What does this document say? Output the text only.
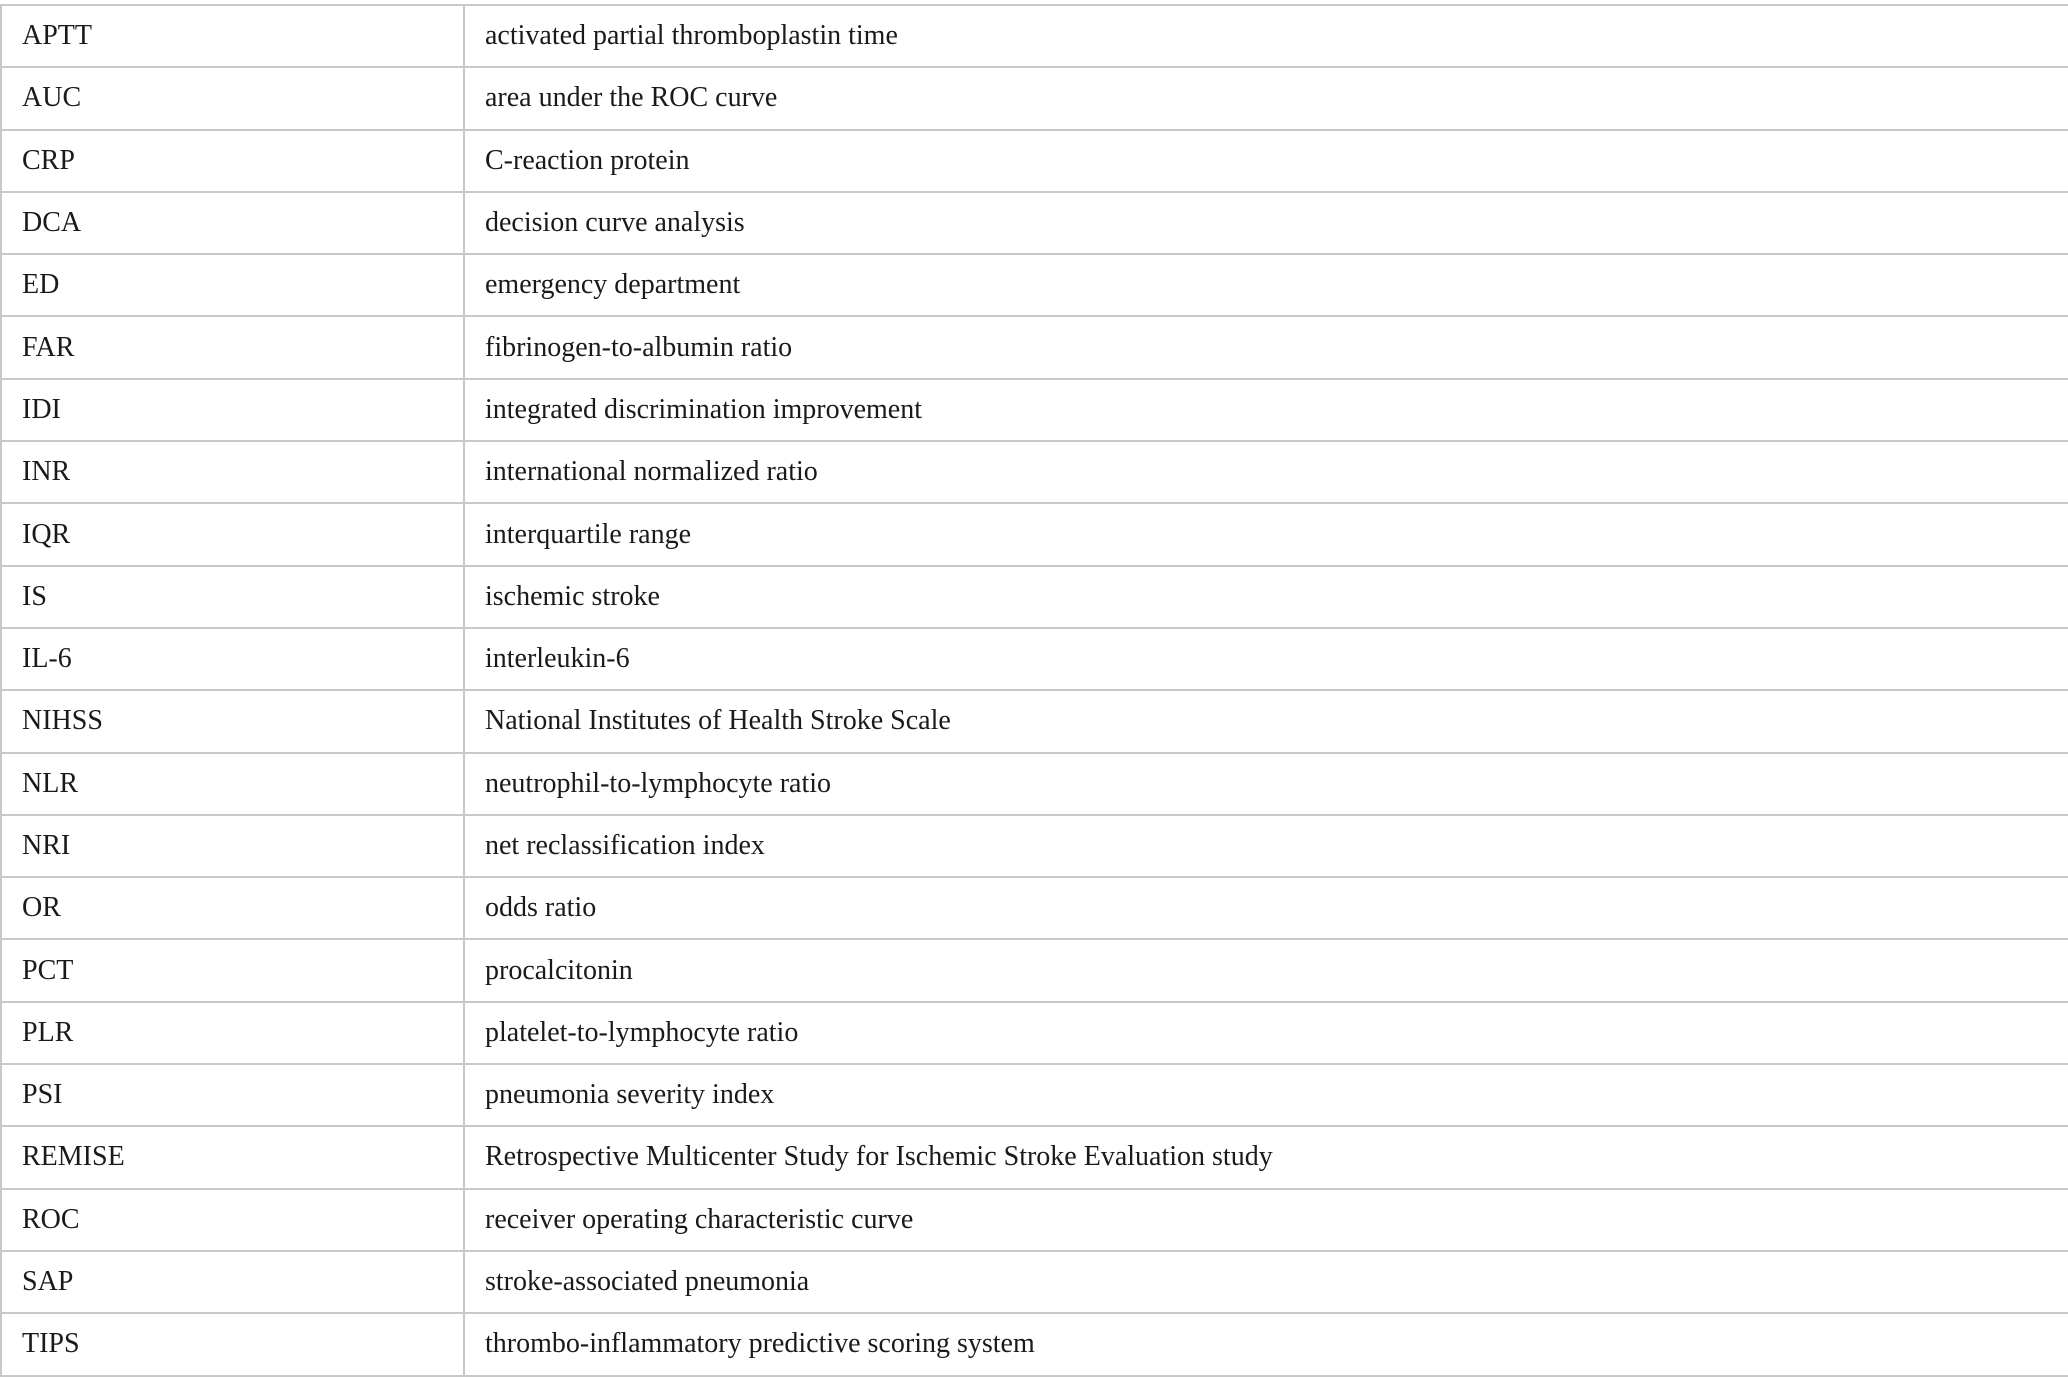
APTT	activated partial thromboplastin time
AUC	area under the ROC curve
CRP	C-reaction protein
DCA	decision curve analysis
ED	emergency department
FAR	fibrinogen-to-albumin ratio
IDI	integrated discrimination improvement
INR	international normalized ratio
IQR	interquartile range
IS	ischemic stroke
IL-6	interleukin-6
NIHSS	National Institutes of Health Stroke Scale
NLR	neutrophil-to-lymphocyte ratio
NRI	net reclassification index
OR	odds ratio
PCT	procalcitonin
PLR	platelet-to-lymphocyte ratio
PSI	pneumonia severity index
REMISE	Retrospective Multicenter Study for Ischemic Stroke Evaluation study
ROC	receiver operating characteristic curve
SAP	stroke-associated pneumonia
TIPS	thrombo-inflammatory predictive scoring system
